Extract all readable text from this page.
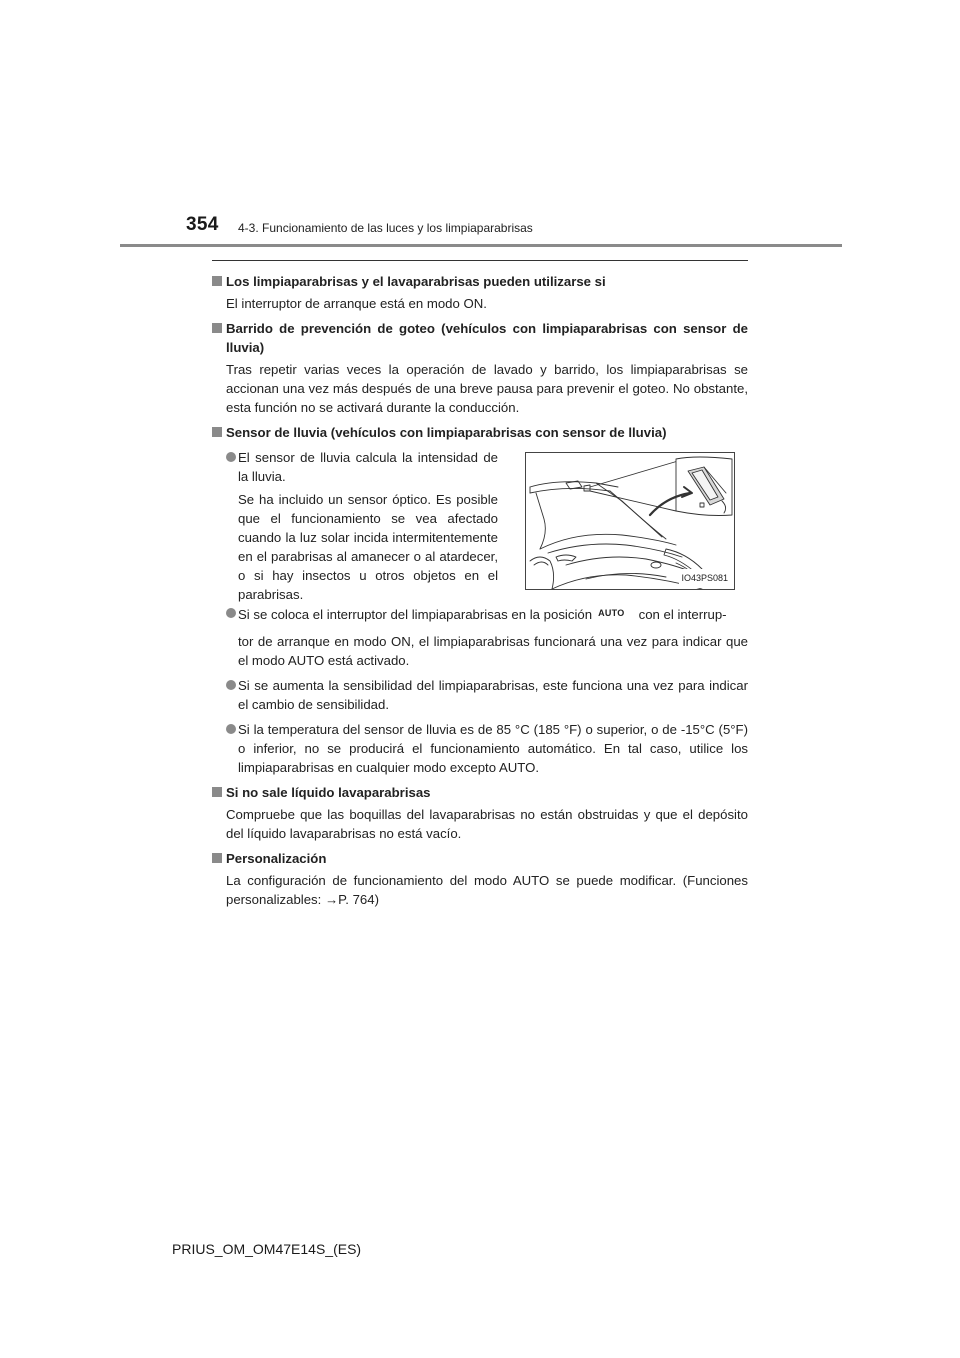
354 4-3. Funcionamiento de las luces y los limpiaparabrisas
Los limpiaparabrisas y el lavaparabrisas pueden utilizarse si
El interruptor de arranque está en modo ON.
Barrido de prevención de goteo (vehículos con limpiaparabrisas con sensor de lluvia)
Tras repetir varias veces la operación de lavado y barrido, los limpiaparabrisas se accionan una vez más después de una breve pausa para prevenir el goteo. No obstante, esta función no se activará durante la conducción.
Sensor de lluvia (vehículos con limpiaparabrisas con sensor de lluvia)
El sensor de lluvia calcula la intensidad de la lluvia.
Se ha incluido un sensor óptico. Es posible que el funcionamiento se vea afectado cuando la luz solar incida intermitentemente en el parabrisas al amanecer o al atardecer, o si hay insectos u otros objetos en el parabrisas.
IO43PS081
Si se coloca el interruptor del limpiaparabrisas en la posición AUTO con el interrup-
tor de arranque en modo ON, el limpiaparabrisas funcionará una vez para indicar que el modo AUTO está activado.
Si se aumenta la sensibilidad del limpiaparabrisas, este funciona una vez para indicar el cambio de sensibilidad.
Si la temperatura del sensor de lluvia es de 85 °C (185 °F) o superior, o de -15°C (5°F) o inferior, no se producirá el funcionamiento automático. En tal caso, utilice los limpiaparabrisas en cualquier modo excepto AUTO.
Si no sale líquido lavaparabrisas
Compruebe que las boquillas del lavaparabrisas no están obstruidas y que el depósito del líquido lavaparabrisas no está vacío.
Personalización
La configuración de funcionamiento del modo AUTO se puede modificar. (Funciones personalizables: →P. 764)
PRIUS_OM_OM47E14S_(ES)
